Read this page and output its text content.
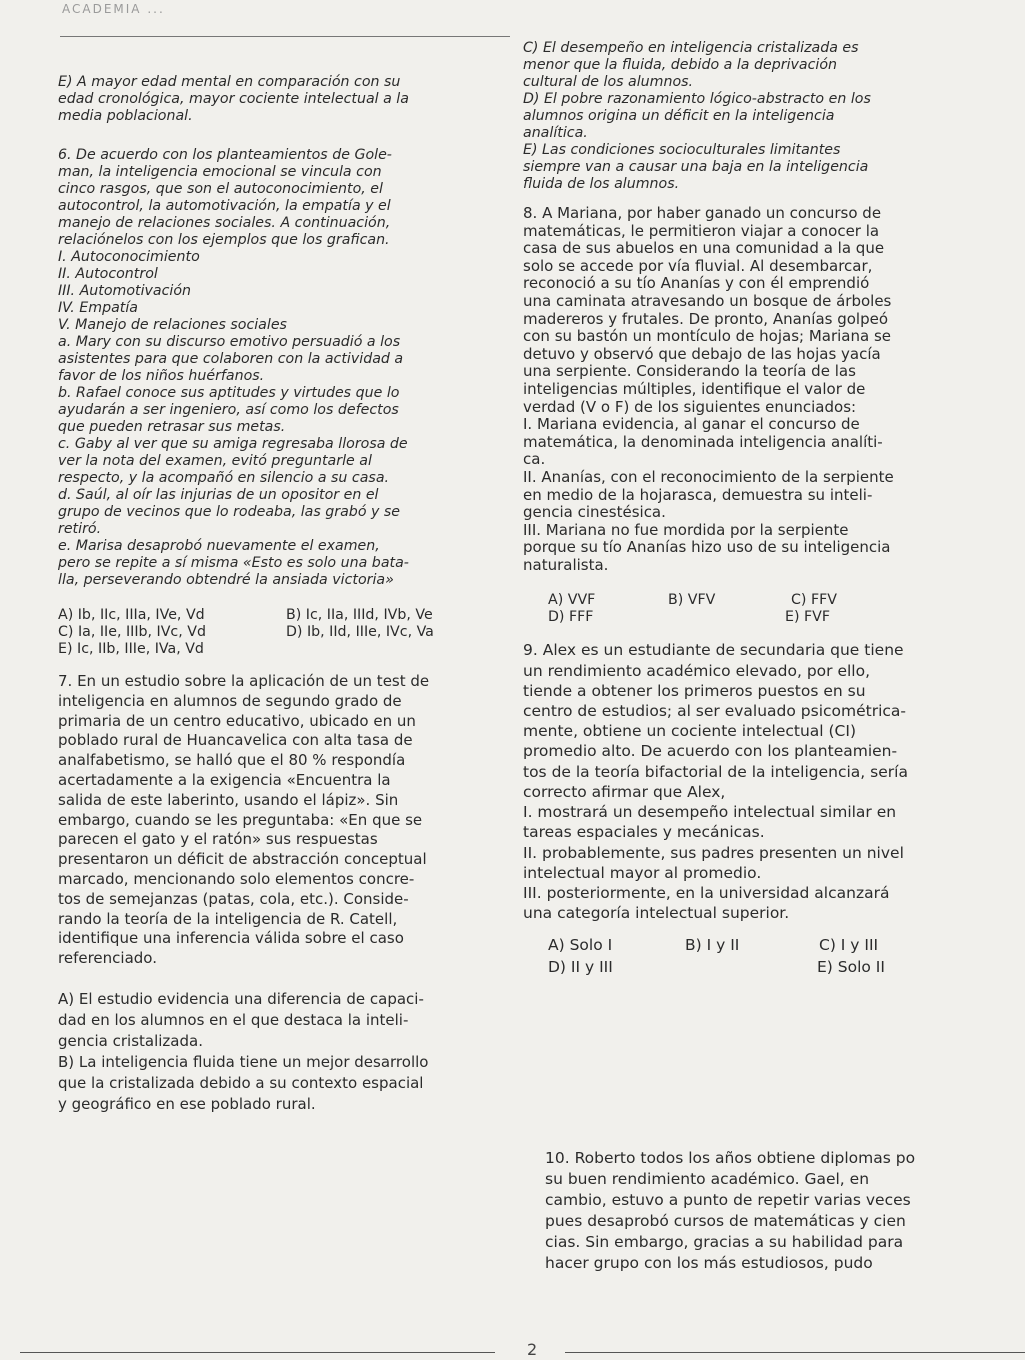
ACADEMIA ...

E) A mayor edad mental en comparación con su

edad cronológica, mayor cociente intelectual a la

media poblacional.

6. De acuerdo con los planteamientos de Gole-

man, la inteligencia emocional se vincula con

cinco rasgos, que son el autoconocimiento, el

autocontrol, la automotivación, la empatía y el

manejo de relaciones sociales. A continuación,

relaciónelos con los ejemplos que los grafican.

I. Autoconocimiento

II. Autocontrol

III. Automotivación

IV. Empatía

V. Manejo de relaciones sociales

a. Mary con su discurso emotivo persuadió a los

asistentes para que colaboren con la actividad a

favor de los niños huérfanos.

b. Rafael conoce sus aptitudes y virtudes que lo

ayudarán a ser ingeniero, así como los defectos

que pueden retrasar sus metas.

c. Gaby al ver que su amiga regresaba llorosa de

ver la nota del examen, evitó preguntarle al

respecto, y la acompañó en silencio a su casa.

d. Saúl, al oír las injurias de un opositor en el

grupo de vecinos que lo rodeaba, las grabó y se

retiró.

e. Marisa desaprobó nuevamente el examen,

pero se repite a sí misma «Esto es solo una bata-

lla, perseverando obtendré la ansiada victoria»

A) Ib, IIc, IIIa, IVe, Vd	B) Ic, IIa, IIId, IVb, Ve
C) Ia, IIe, IIIb, IVc, Vd	D) Ib, IId, IIIe, IVc, Va
E) Ic, IIb, IIIe, IVa, Vd

7. En un estudio sobre la aplicación de un test de

inteligencia en alumnos de segundo grado de

primaria de un centro educativo, ubicado en un

poblado rural de Huancavelica con alta tasa de

analfabetismo, se halló que el 80 % respondía

acertadamente a la exigencia «Encuentra la

salida de este laberinto, usando el lápiz». Sin

embargo, cuando se les preguntaba: «En que se

parecen el gato y el ratón» sus respuestas

presentaron un déficit de abstracción conceptual

marcado, mencionando solo elementos concre-

tos de semejanzas (patas, cola, etc.). Conside-

rando la teoría de la inteligencia de R. Catell,

identifique una inferencia válida sobre el caso

referenciado.

A) El estudio evidencia una diferencia de capaci-

dad en los alumnos en el que destaca la inteli-

gencia cristalizada.

B) La inteligencia fluida tiene un mejor desarrollo

que la cristalizada debido a su contexto espacial

y geográfico en ese poblado rural.

C) El desempeño en inteligencia cristalizada es

menor que la fluida, debido a la deprivación

cultural de los alumnos.

D) El pobre razonamiento lógico-abstracto en los

alumnos origina un déficit en la inteligencia

analítica.

E) Las condiciones socioculturales limitantes

siempre van a causar una baja en la inteligencia

fluida de los alumnos.

8. A Mariana, por haber ganado un concurso de

matemáticas, le permitieron viajar a conocer la

casa de sus abuelos en una comunidad a la que

solo se accede por vía fluvial. Al desembarcar,

reconoció a su tío Ananías y con él emprendió

una caminata atravesando un bosque de árboles

madereros y frutales. De pronto, Ananías golpeó

con su bastón un montículo de hojas; Mariana se

detuvo y observó que debajo de las hojas yacía

una serpiente. Considerando la teoría de las

inteligencias múltiples, identifique el valor de

verdad (V o F) de los siguientes enunciados:

I. Mariana evidencia, al ganar el concurso de

matemática, la denominada inteligencia analíti-

ca.

II. Ananías, con el reconocimiento de la serpiente

en medio de la hojarasca, demuestra su inteli-

gencia cinestésica.

III. Mariana no fue mordida por la serpiente

porque su tío Ananías hizo uso de su inteligencia

naturalista.

A) VVF	B) VFV	C) FFV
D) FFF	E) FVF

9. Alex es un estudiante de secundaria que tiene

un rendimiento académico elevado, por ello,

tiende a obtener los primeros puestos en su

centro de estudios; al ser evaluado psicométrica-

mente, obtiene un cociente intelectual (CI)

promedio alto. De acuerdo con los planteamien-

tos de la teoría bifactorial de la inteligencia, sería

correcto afirmar que Alex,

I. mostrará un desempeño intelectual similar en

tareas espaciales y mecánicas.

II. probablemente, sus padres presenten un nivel

intelectual mayor al promedio.

III. posteriormente, en la universidad alcanzará

una categoría intelectual superior.

A) Solo I	B) I y II	C) I y III
D) II y III	E) Solo II

10. Roberto todos los años obtiene diplomas po

su buen rendimiento académico. Gael, en

cambio, estuvo a punto de repetir varias veces

pues desaprobó cursos de matemáticas y cien

cias. Sin embargo, gracias a su habilidad para

hacer grupo con los más estudiosos, pudo

2
